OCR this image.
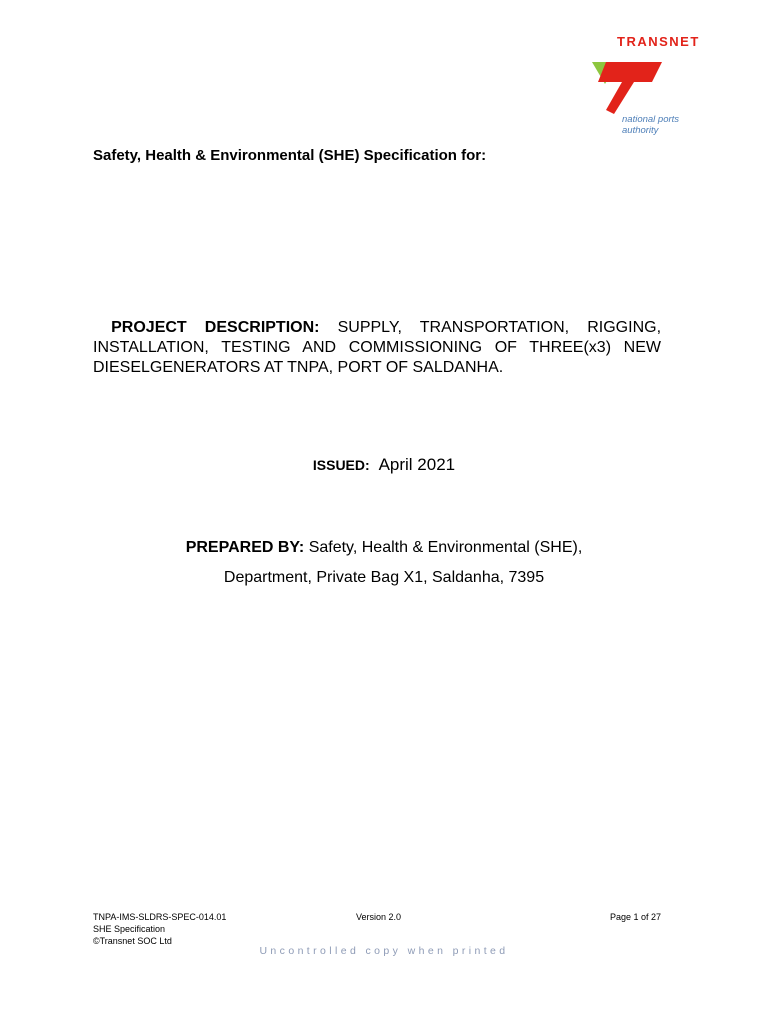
TRANSNET
national ports
authority
Safety, Health & Environmental (SHE) Specification for:
PROJECT DESCRIPTION: SUPPLY, TRANSPORTATION, RIGGING, INSTALLATION, TESTING AND COMMISSIONING OF THREE(x3) NEW DIESELGENERATORS AT TNPA, PORT OF SALDANHA.
ISSUED: April 2021
PREPARED BY: Safety, Health & Environmental (SHE),
Department, Private Bag X1, Saldanha, 7395
TNPA-IMS-SLDRS-SPEC-014.01
SHE Specification
©Transnet SOC Ltd
Version 2.0	Page 1 of 27
Uncontrolled copy when printed
